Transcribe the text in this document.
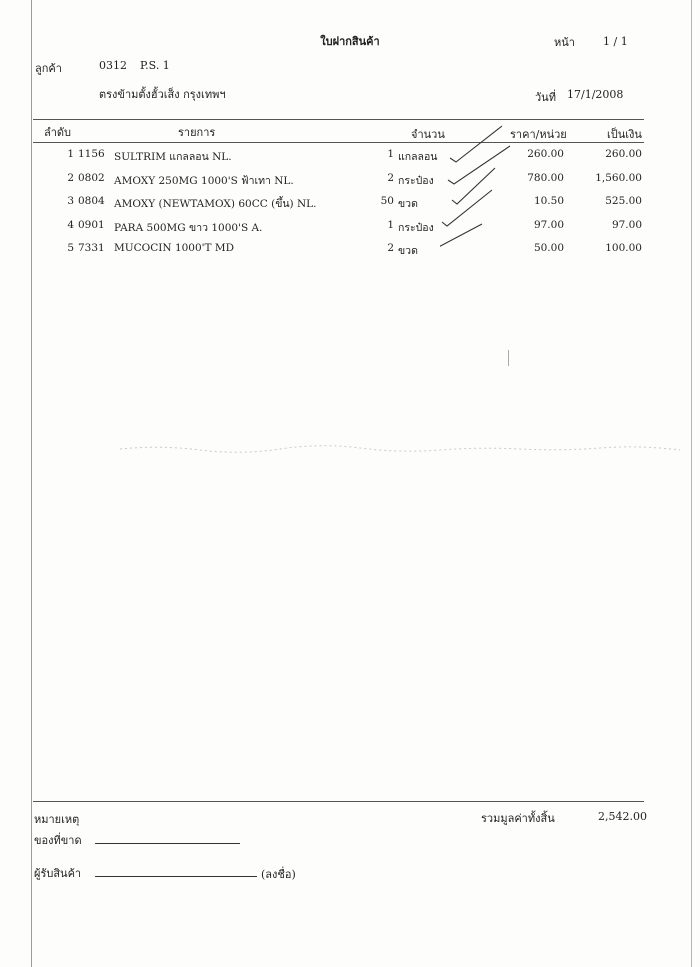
ใบฝากสินค้า	หน้า	1 / 1
ลูกค้า	0312 P.S. 1
ตรงข้ามตั้งฮั้วเส็ง กรุงเทพฯ	วันที่ 17/1/2008
ลำดับ	รายการ	จำนวน	ราคา/หน่วย	เป็นเงิน
1 1156 SULTRIM แกลลอน NL.	1 แกลลอน	260.00	260.00
2 0802 AMOXY 250MG 1000'S ฟ้าเทา NL.	2 กระป๋อง	780.00	1,560.00
3 0804 AMOXY (NEWTAMOX) 60CC (ขึ้น) NL.	50 ขวด	10.50	525.00
4 0901 PARA 500MG ขาว 1000'S A.	1 กระป๋อง	97.00	97.00
5 7331 MUCOCIN 1000'T MD	2 ขวด	50.00	100.00
หมายเหตุ	รวมมูลค่าทั้งสิ้น	2,542.00
ของที่ขาด
ผู้รับสินค้า	(ลงชื่อ)
